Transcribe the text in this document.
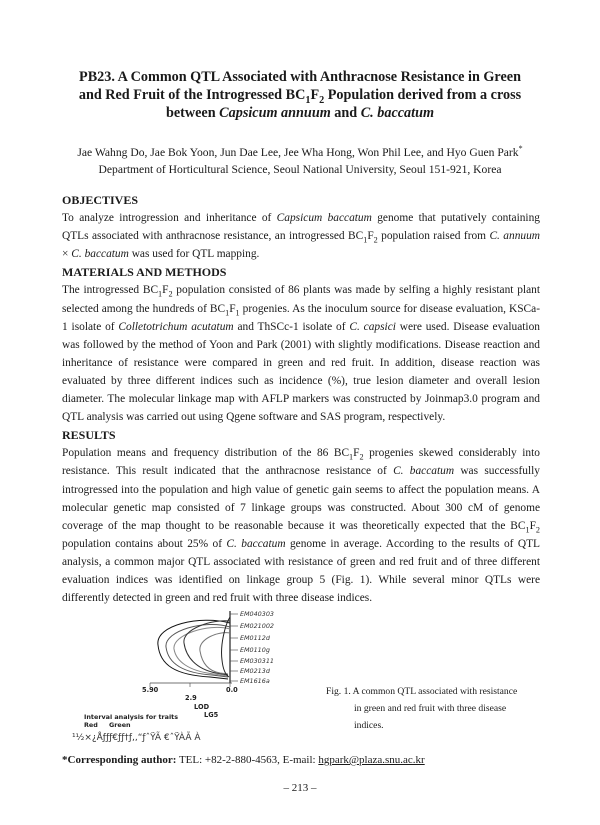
PB23. A Common QTL Associated with Anthracnose Resistance in Green
and Red Fruit of the Introgressed $BC_1F_2$ Population derived from a cross
between Capsicum annuum and C. baccatum
Jae Wahng Do, Jae Bok Yoon, Jun Dae Lee, Jee Wha Hong, Won Phil Lee, and Hyo Guen Park*
Department of Horticultural Science, Seoul National University, Seoul 151-921, Korea
OBJECTIVES

To analyze introgression and inheritance of Capsicum baccatum genome that putatively containing QTLs associated with anthracnose resistance, an introgressed $BC_1F_2$ population raised from C. annuum × C. baccatum was used for QTL mapping.

MATERIALS AND METHODS

The introgressed $BC_1F_2$ population consisted of 86 plants was made by selfing a highly resistant plant selected among the hundreds of $BC_1F_1$ progenies. As the inoculum source for disease evaluation, KSCa-1 isolate of Colletotrichum acutatum and ThSCc-1 isolate of C. capsici were used. Disease evaluation was followed by the method of Yoon and Park (2001) with slightly modifications. Disease reaction and inheritance of resistance were compared in green and red fruit. In addition, disease reaction was evaluated by three different indices such as incidence (%), true lesion diameter and overall lesion diameter. The molecular linkage map with AFLP markers was constructed by Joinmap3.0 program and QTL analysis was carried out using Qgene software and SAS program, respectively.

RESULTS

Population means and frequency distribution of the 86 $BC_1F_2$ progenies skewed considerably into resistance. This result indicated that the anthracnose resistance of C. baccatum was successfully introgressed into the population and high value of genetic gain seems to affect the population means. A molecular genetic map consisted of 7 linkage groups was constructed. About 300 cM of genome coverage of the map thought to be reasonable because it was theoretically expected that the $BC_1F_2$ population contains about 25% of C. baccatum genome in average. According to the results of QTL analysis, a common major QTL associated with resistance of green and red fruit and of three different evaluation indices was identified on linkage group 5 (Fig. 1). While several minor QTLs were differently detected in green and red fruit with three disease indices.

EM040303
EM021002
EM0112d
EM0110g
EM030311
EM0213d
EM1616a
5.90
2.9
0.0
LOD
LG5
Interval analysis for traits
Red Green
¹½×¿Åƒƒƒ€ƒƒ†ƒ,,“ƒˆŸÃ €ˆŸÀÃ À
Fig. 1. A common QTL associated with resistance
in green and red fruit with three disease
indices.
*Corresponding author: TEL: +82-2-880-4563, E-mail: hgpark@plaza.snu.ac.kr
– 213 –
